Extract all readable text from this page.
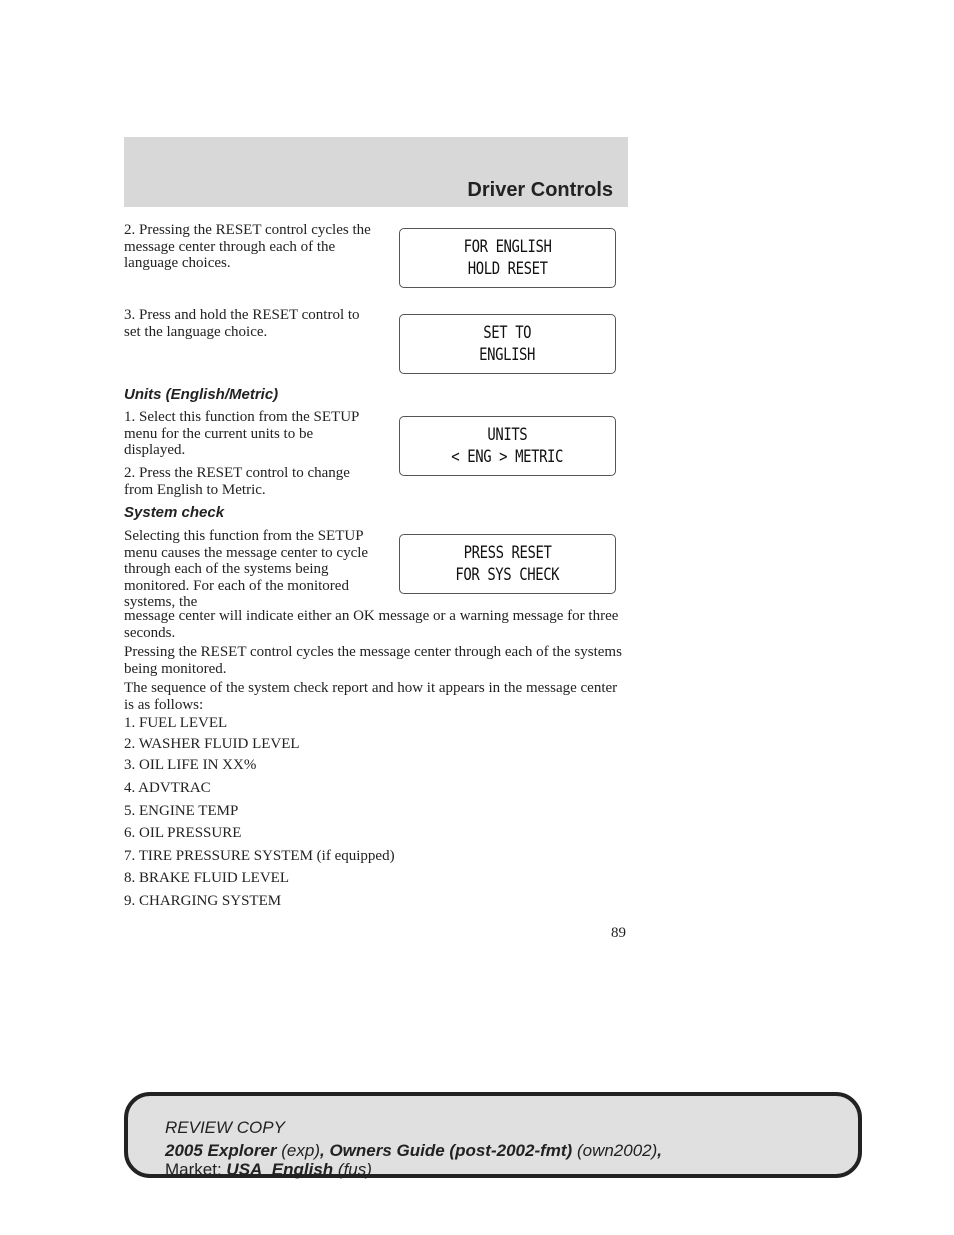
Driver Controls

2. Pressing the RESET control cycles the message center through each of the language choices.

3. Press and hold the RESET control to set the language choice.

Units (English/Metric)

1. Select this function from the SETUP menu for the current units to be displayed.

2. Press the RESET control to change from English to Metric.

System check

Selecting this function from the SETUP menu causes the message center to cycle through each of the systems being monitored. For each of the monitored systems, the

message center will indicate either an OK message or a warning message for three seconds.

Pressing the RESET control cycles the message center through each of the systems being monitored.

The sequence of the system check report and how it appears in the message center is as follows:

FOR ENGLISH
HOLD RESET
SET TO
ENGLISH
UNITS
< ENG > METRIC
PRESS RESET
FOR SYS CHECK
1. FUEL LEVEL
2. WASHER FLUID LEVEL
3. OIL LIFE IN XX%
4. ADVTRAC
5. ENGINE TEMP
6. OIL PRESSURE
7. TIRE PRESSURE SYSTEM (if equipped)
8. BRAKE FLUID LEVEL
9. CHARGING SYSTEM
89
REVIEW COPY
2005 Explorer (exp), Owners Guide (post-2002-fmt) (own2002),
Market: USA_English (fus)
